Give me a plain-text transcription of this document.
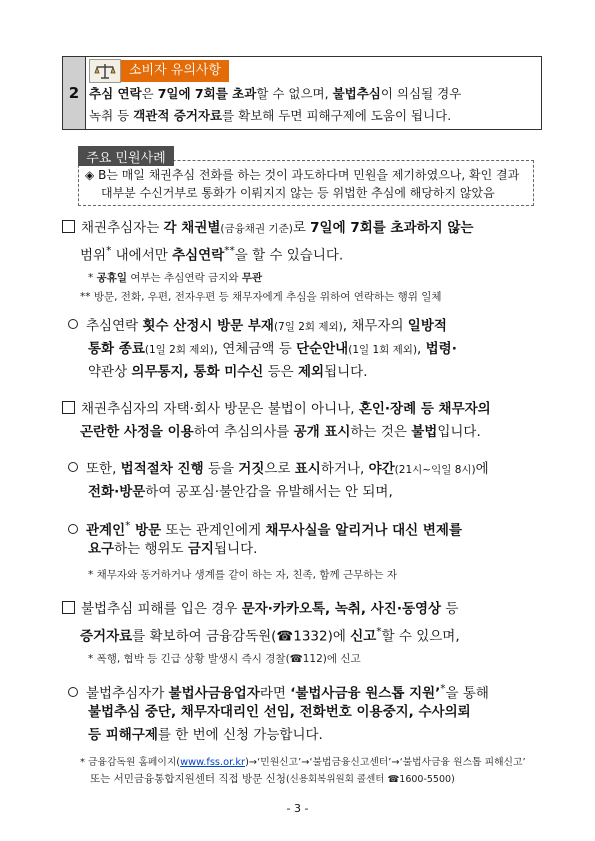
2
소비자 유의사항
추심 연락은 7일에 7회를 초과할 수 없으며, 불법추심이 의심될 경우
녹취 등 객관적 증거자료를 확보해 두면 피해구제에 도움이 됩니다.
◈ B는 매일 채권추심 전화를 하는 것이 과도하다며 민원을 제기하였으나, 확인 결과
대부분 수신거부로 통화가 이뤄지지 않는 등 위법한 추심에 해당하지 않았음
주요 민원사례
채권추심자는 각 채권별(금융채권 기준)로 7일에 7회를 초과하지 않는
범위* 내에서만 추심연락**을 할 수 있습니다.
* 공휴일 여부는 추심연락 금지와 무관
** 방문, 전화, 우편, 전자우편 등 채무자에게 추심을 위하여 연락하는 행위 일체
추심연락 횟수 산정시 방문 부재(7일 2회 제외), 채무자의 일방적
통화 종료(1일 2회 제외), 연체금액 등 단순안내(1일 1회 제외), 법령·
약관상 의무통지, 통화 미수신 등은 제외됩니다.
채권추심자의 자택·회사 방문은 불법이 아니나, 혼인·장례 등 채무자의
곤란한 사정을 이용하여 추심의사를 공개 표시하는 것은 불법입니다.
또한, 법적절차 진행 등을 거짓으로 표시하거나, 야간(21시~익일 8시)에
전화·방문하여 공포심·불안감을 유발해서는 안 되며,
관계인* 방문 또는 관계인에게 채무사실을 알리거나 대신 변제를
요구하는 행위도 금지됩니다.
* 채무자와 동거하거나 생계를 같이 하는 자, 친족, 함께 근무하는 자
불법추심 피해를 입은 경우 문자·카카오톡, 녹취, 사진·동영상 등
증거자료를 확보하여 금융감독원(☎1332)에 신고*할 수 있으며,
* 폭행, 협박 등 긴급 상황 발생시 즉시 경찰(☎112)에 신고
불법추심자가 불법사금융업자라면 ‘불법사금융 원스톱 지원’*을 통해
불법추심 중단, 채무자대리인 선임, 전화번호 이용중지, 수사의뢰
등 피해구제를 한 번에 신청 가능합니다.
* 금융감독원 홈페이지(www.fss.or.kr)→‘민원신고’→‘불법금융신고센터’→‘불법사금융 원스톱 피해신고’
또는 서민금융통합지원센터 직접 방문 신청(신용회복위원회 콜센터 ☎1600-5500)
- 3 -
